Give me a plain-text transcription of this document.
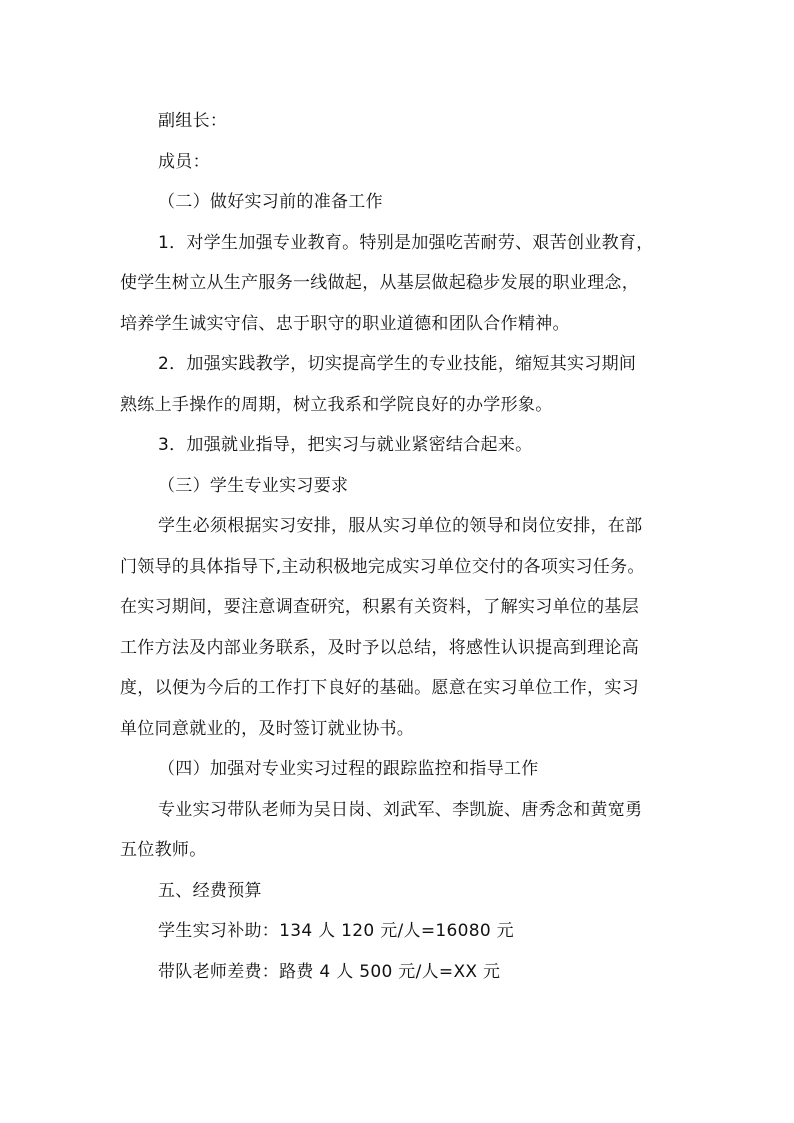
副组长：

成员：

（二）做好实习前的准备工作

1．对学生加强专业教育。特别是加强吃苦耐劳、艰苦创业教育，

使学生树立从生产服务一线做起，从基层做起稳步发展的职业理念，

培养学生诚实守信、忠于职守的职业道德和团队合作精神。

2．加强实践教学，切实提高学生的专业技能，缩短其实习期间

熟练上手操作的周期，树立我系和学院良好的办学形象。

3．加强就业指导，把实习与就业紧密结合起来。

（三）学生专业实习要求

学生必须根据实习安排，服从实习单位的领导和岗位安排，在部

门领导的具体指导下,主动积极地完成实习单位交付的各项实习任务。

在实习期间，要注意调查研究，积累有关资料，了解实习单位的基层

工作方法及内部业务联系，及时予以总结，将感性认识提高到理论高

度，以便为今后的工作打下良好的基础。愿意在实习单位工作，实习

单位同意就业的，及时签订就业协书。

（四）加强对专业实习过程的跟踪监控和指导工作

专业实习带队老师为吴日岗、刘武军、李凯旋、唐秀念和黄宽勇

五位教师。

五、经费预算

学生实习补助：134 人 120 元/人=16080 元

带队老师差费：路费 4 人 500 元/人=XX 元
